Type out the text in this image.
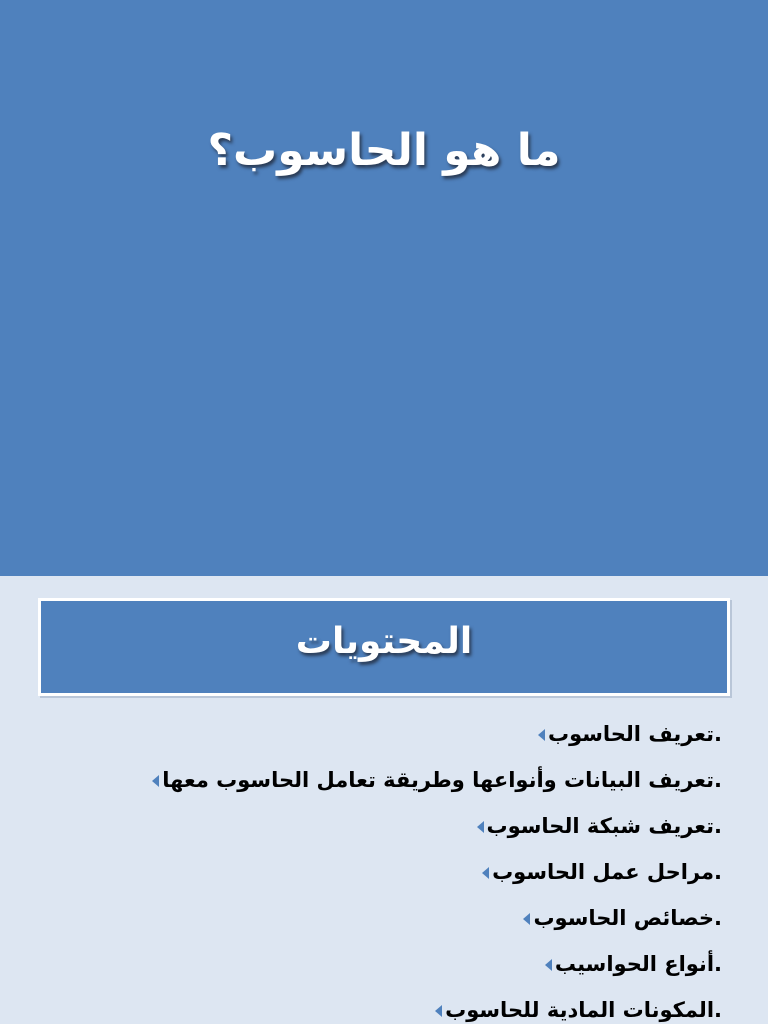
ما هو الحاسوب؟
المحتويات
.تعريف الحاسوب
.تعريف البيانات وأنواعها وطريقة تعامل الحاسوب معها
.تعريف شبكة الحاسوب
.مراحل عمل الحاسوب
.خصائص الحاسوب
.أنواع الحواسيب
.المكونات المادية للحاسوب
